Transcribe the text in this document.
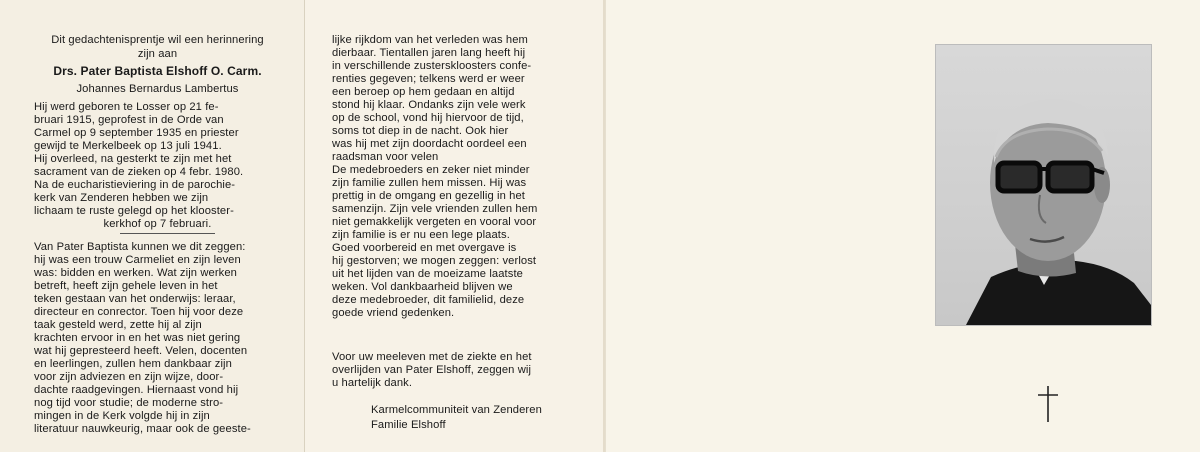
Dit gedachtenisprentje wil een herinnering
zijn aan
Drs. Pater Baptista Elshoff O. Carm.
Johannes Bernardus Lambertus
Hij werd geboren te Losser op 21 fe-
bruari 1915, geprofest in de Orde van
Carmel op 9 september 1935 en priester
gewijd te Merkelbeek op 13 juli 1941.
Hij overleed, na gesterkt te zijn met het
sacrament van de zieken op 4 febr. 1980.
Na de eucharistieviering in de parochie-
kerk van Zenderen hebben we zijn
lichaam te ruste gelegd op het klooster-
kerkhof op 7 februari.
Van Pater Baptista kunnen we dit zeggen:
hij was een trouw Carmeliet en zijn leven
was: bidden en werken. Wat zijn werken
betreft, heeft zijn gehele leven in het
teken gestaan van het onderwijs: leraar,
directeur en conrector. Toen hij voor deze
taak gesteld werd, zette hij al zijn
krachten ervoor in en het was niet gering
wat hij gepresteerd heeft. Velen, docenten
en leerlingen, zullen hem dankbaar zijn
voor zijn adviezen en zijn wijze, door-
dachte raadgevingen. Hiernaast vond hij
nog tijd voor studie; de moderne stro-
mingen in de Kerk volgde hij in zijn
literatuur nauwkeurig, maar ook de geeste-
lijke rijkdom van het verleden was hem
dierbaar. Tientallen jaren lang heeft hij
in verschillende zusterskloosters confe-
renties gegeven; telkens werd er weer
een beroep op hem gedaan en altijd
stond hij klaar. Ondanks zijn vele werk
op de school, vond hij hiervoor de tijd,
soms tot diep in de nacht. Ook hier
was hij met zijn doordacht oordeel een
raadsman voor velen
De medebroeders en zeker niet minder
zijn familie zullen hem missen. Hij was
prettig in de omgang en gezellig in het
samenzijn. Zijn vele vrienden zullen hem
niet gemakkelijk vergeten en vooral voor
zijn familie is er nu een lege plaats.
Goed voorbereid en met overgave is
hij gestorven; we mogen zeggen: verlost
uit het lijden van de moeizame laatste
weken. Vol dankbaarheid blijven we
deze medebroeder, dit familielid, deze
goede vriend gedenken.
Voor uw meeleven met de ziekte en het
overlijden van Pater Elshoff, zeggen wij
u hartelijk dank.
Karmelcommuniteit van Zenderen
Familie Elshoff
